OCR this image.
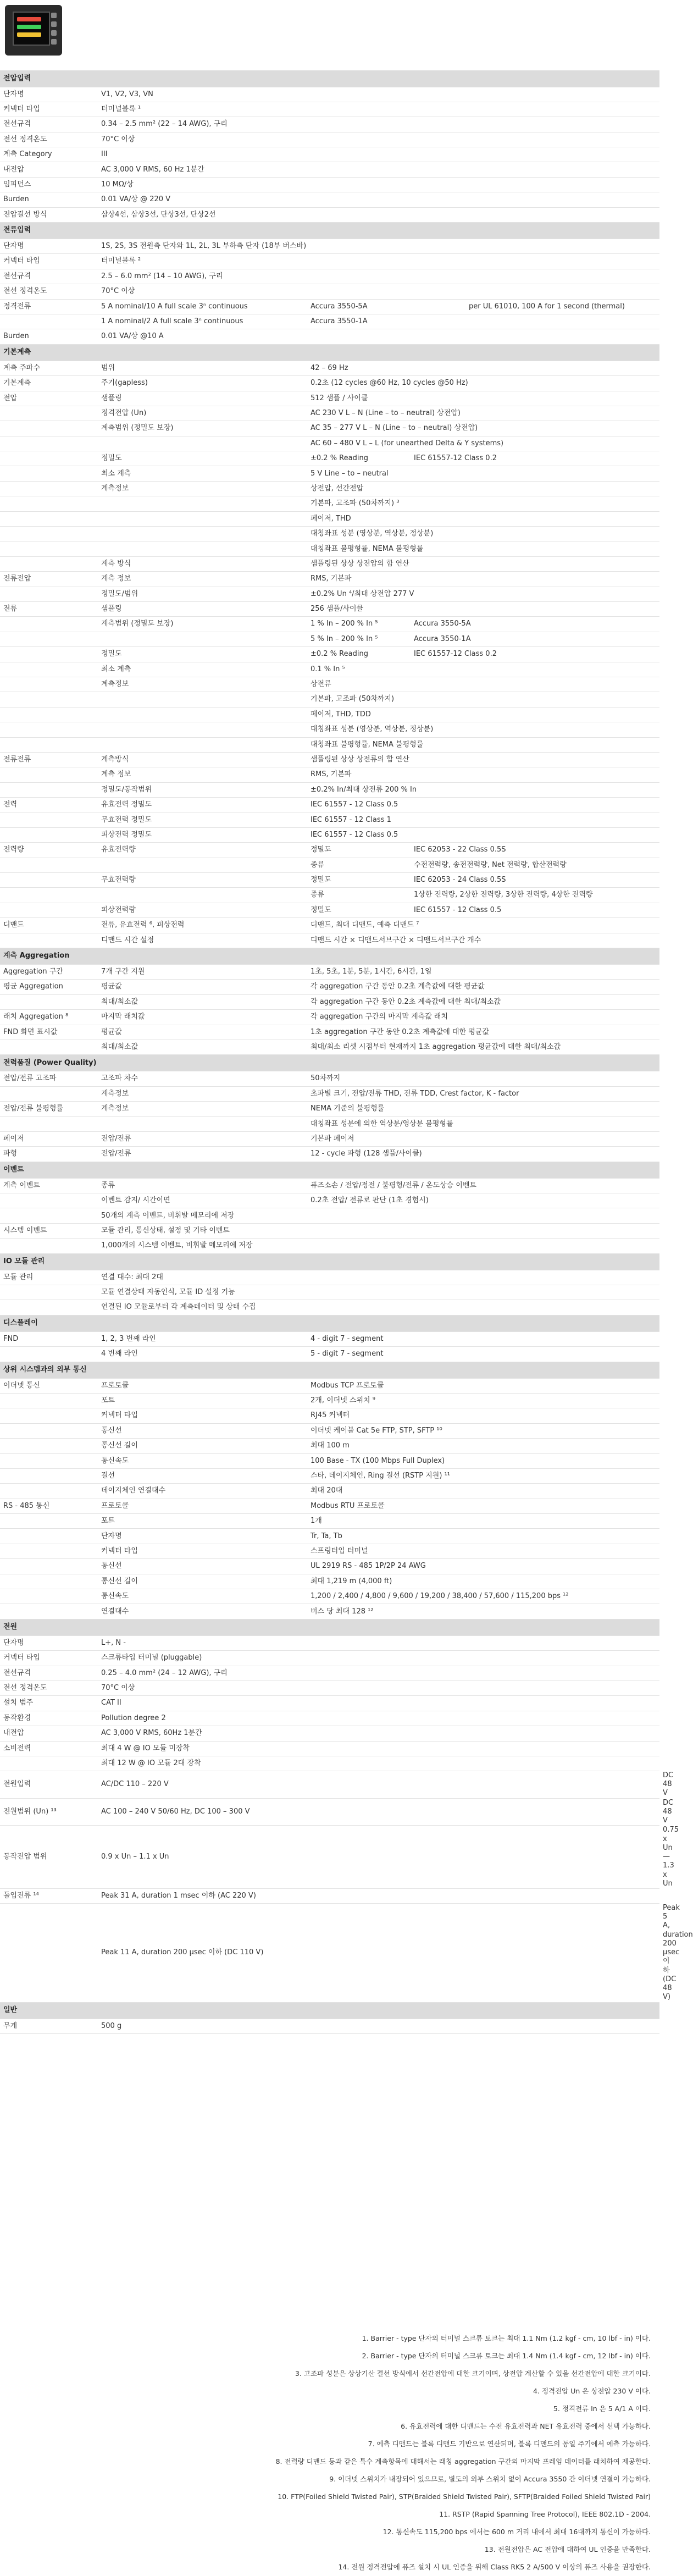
전압입력					
단자명	V1, V2, V3, VN				
커넥터 타입	터미널블록 ¹				
전선규격	0.34 – 2.5 mm² (22 – 14 AWG), 구리				
전선 정격온도	70°C 이상				
계측 Category	III				
내전압	AC 3,000 V RMS, 60 Hz 1분간				
임피던스	10 MΩ/상				
Burden	0.01 VA/상 @ 220 V				
전압결선 방식	삼상4선, 삼상3선, 단상3선, 단상2선				
전류입력					
단자명	1S, 2S, 3S 전원측 단자와 1L, 2L, 3L 부하측 단자 (18부 버스바)				
커넥터 타입	터미널블록 ²				
전선규격	2.5 – 6.0 mm² (14 – 10 AWG), 구리				
전선 정격온도	70°C 이상				
정격전류	5 A nominal/10 A full scale 3ⁿ continuous	Accura 3550-5A		per UL 61010, 100 A for 1 second (thermal)	
	1 A nominal/2 A full scale 3ⁿ continuous	Accura 3550-1A			
Burden	0.01 VA/상 @10 A				
기본계측					
계측 주파수	범위	42 – 69 Hz			
기본계측	주기(gapless)	0.2초 (12 cycles @60 Hz, 10 cycles @50 Hz)			
전압	샘플링	512 샘플 / 사이클			
	정격전압 (Un)	AC 230 V L – N (Line – to – neutral) 상전압)			
	계측범위 (정밀도 보장)	AC 35 – 277 V L – N (Line – to – neutral) 상전압)			
		AC 60 – 480 V L – L (for unearthed Delta & Y systems)			
	정밀도	±0.2 % Reading	IEC 61557-12 Class 0.2		
	최소 계측	5 V Line – to – neutral			
	계측정보	상전압, 선간전압			
		기본파, 고조파 (50차까지) ³			
		페이저, THD			
		대칭좌표 성분 (영상분, 역상분, 정상분)			
		대칭좌표 불평형률, NEMA 불평형률			
	계측 방식	샘플링된 상상 상전압의 합 연산			
전류전압	계측 정보	RMS, 기본파			
	정밀도/범위	±0.2% Un ⁴/최대 상전압 277 V			
전류	샘플링	256 샘플/사이클			
	계측범위 (정밀도 보장)	1 % In – 200 % In ⁵	Accura 3550-5A		
		5 % In – 200 % In ⁵	Accura 3550-1A		
	정밀도	±0.2 % Reading	IEC 61557-12 Class 0.2		
	최소 계측	0.1 % In ⁵			
	계측정보	상전류			
		기본파, 고조파 (50차까지)			
		페이저, THD, TDD			
		대칭좌표 성분 (영상분, 역상분, 정상분)			
		대칭좌표 불평형률, NEMA 불평형률			
전류전류	계측방식	샘플링된 상상 상전류의 합 연산			
	계측 정보	RMS, 기본파			
	정밀도/동작범위	±0.2% In/최대 상전류 200 % In			
전력	유효전력 정밀도	IEC 61557 - 12 Class 0.5			
	무효전력 정밀도	IEC 61557 - 12 Class 1			
	피상전력 정밀도	IEC 61557 - 12 Class 0.5			
전력량	유효전력량	정밀도	IEC 62053 - 22 Class 0.5S		
		종류	수전전력량, 송전전력량, Net 전력량, 합산전력량		
	무효전력량	정밀도	IEC 62053 - 24 Class 0.5S		
		종류	1상한 전력량, 2상한 전력량, 3상한 전력량, 4상한 전력량		
	피상전력량	정밀도	IEC 61557 - 12 Class 0.5		
디맨드	전류, 유효전력 ⁶, 피상전력	디맨드, 최대 디맨드, 예측 디맨드 ⁷			
	디맨드 시간 설정	디맨드 시간 × 디맨드서브구간 × 디맨드서브구간 개수			
계측 Aggregation					
Aggregation 구간	7개 구간 지원	1초, 5초, 1분, 5분, 1시간, 6시간, 1일			
평균 Aggregation	평균값	각 aggregation 구간 동안 0.2초 계측값에 대한 평균값			
	최대/최소값	각 aggregation 구간 동안 0.2초 계측값에 대한 최대/최소값			
래치 Aggregation ⁸	마지막 래치값	각 aggregation 구간의 마지막 계측값 래치			
FND 화면 표시값	평균값	1초 aggregation 구간 동안 0.2초 계측값에 대한 평균값			
	최대/최소값	최대/최소 리셋 시점부터 현재까지 1초 aggregation 평균값에 대한 최대/최소값			
전력품질 (Power Quality)					
전압/전류 고조파	고조파 차수	50차까지			
	계측정보	초파별 크기, 전압/전류 THD, 전류 TDD, Crest factor, K - factor			
전압/전류 불평형률	계측정보	NEMA 기준의 불평형률			
		대칭좌표 성분에 의한 역상분/영상분 불평형률			
페이저	전압/전류	기본파 페이저			
파형	전압/전류	12 - cycle 파형 (128 샘플/사이클)			
이벤트					
계측 이벤트	종류	퓨즈소손 / 전압/정전 / 불평형/전류 / 온도상승 이벤트			
	이벤트 감지/ 시간이면	0.2초 전압/ 전류로 판단 (1초 경험시)			
	50개의 계측 이벤트, 비휘발 메모리에 저장				
시스템 이벤트	모듈 관리, 통신상태, 설정 및 기타 이벤트				
	1,000개의 시스템 이벤트, 비휘발 메모리에 저장				
IO 모듈 관리					
모듈 관리	연결 대수: 최대 2대				
	모듈 연결상태 자동인식, 모듈 ID 설정 기능				
	연결된 IO 모듈로부터 각 계측데이터 및 상태 수집				
디스플레이					
FND	1, 2, 3 번째 라인	4 - digit 7 - segment			
	4 번째 라인	5 - digit 7 - segment			
상위 시스템과의 외부 통신					
이더넷 통신	프로토콜	Modbus TCP 프로토콜			
	포트	2개, 이더넷 스위치 ⁹			
	커넥터 타입	RJ45 커넥터			
	통신선	이더넷 케이블 Cat 5e FTP, STP, SFTP ¹⁰			
	통신선 길이	최대 100 m			
	통신속도	100 Base - TX (100 Mbps Full Duplex)			
	결선	스타, 데이지체인, Ring 결선 (RSTP 지원) ¹¹			
	데이지체인 연결대수	최대 20대			
RS - 485 통신	프로토콜	Modbus RTU 프로토콜			
	포트	1개			
	단자명	Tr, Ta, Tb			
	커넥터 타입	스프링터입 터미널			
	통신선	UL 2919 RS - 485 1P/2P 24 AWG			
	통신선 길이	최대 1,219 m (4,000 ft)			
	통신속도	1,200 / 2,400 / 4,800 / 9,600 / 19,200 / 38,400 / 57,600 / 115,200 bps ¹²			
	연결대수	버스 당 최대 128 ¹²			
전원					
단자명	L+, N -				
커넥터 타입	스크류타입 터미널 (pluggable)				
전선규격	0.25 – 4.0 mm² (24 – 12 AWG), 구리				
전선 정격온도	70°C 이상				
설치 범주	CAT II				
동작환경	Pollution degree 2				
내전압	AC 3,000 V RMS, 60Hz 1분간				
소비전력	최대 4 W @ IO 모듈 미장착				
	최대 12 W @ IO 모듈 2대 장착				
전원입력	AC/DC 110 – 220 V				DC 48 V
전원범위 (Un) ¹³	AC 100 – 240 V 50/60 Hz, DC 100 – 300 V				DC 48 V
동작전압 범위	0.9 x Un – 1.1 x Un				0.75 x Un — 1.3 x Un
돌입전류 ¹⁴	Peak 31 A, duration 1 msec 이하 (AC 220 V)				
	Peak 11 A, duration 200 μsec 이하 (DC 110 V)				Peak 5 A, duration 200 μsec 이하 (DC 48 V)
일반					
무게	500 g				
1. Barrier - type 단자의 터미널 스크류 토크는 최대 1.1 Nm (1.2 kgf - cm, 10 lbf - in) 이다.
2. Barrier - type 단자의 터미널 스크류 토크는 최대 1.4 Nm (1.4 kgf - cm, 12 lbf - in) 이다.
3. 고조파 성분은 상상기산 결선 방식에서 선간전압에 대한 크기이며, 상전압 계산할 수 있을 선간전압에 대한 크기이다.
4. 정격전압 Un 은 상전압 230 V 이다.
5. 정격전류 In 은 5 A/1 A 이다.
6. 유효전력에 대한 디맨드는 수전 유효전력과 NET 유효전력 중에서 선택 가능하다.
7. 예측 디맨드는 블록 디맨드 기반으로 연산되며, 블록 디맨드의 동일 주기에서 예측 가능하다.
8. 전력량 디맨드 등과 같은 특수 계측항목에 대해서는 래칭 aggregation 구간의 마지막 프레임 데이터를 래치하여 제공한다.
9. 이더넷 스위치가 내장되어 있으므로, 별도의 외부 스위치 없이 Accura 3550 간 이더넷 연결이 가능하다.
10. FTP(Foiled Shield Twisted Pair), STP(Braided Shield Twisted Pair), SFTP(Braided Foiled Shield Twisted Pair)
11. RSTP (Rapid Spanning Tree Protocol), IEEE 802.1D - 2004.
12. 통신속도 115,200 bps 에서는 600 m 거리 내에서 최대 16대까지 통신이 가능하다.
13. 전원전압은 AC 전압에 대하여 UL 인증을 만족한다.
14. 전원 정격전압에 퓨즈 설치 시 UL 인증을 위해 Class RK5 2 A/500 V 이상의 퓨즈 사용을 권장한다.
